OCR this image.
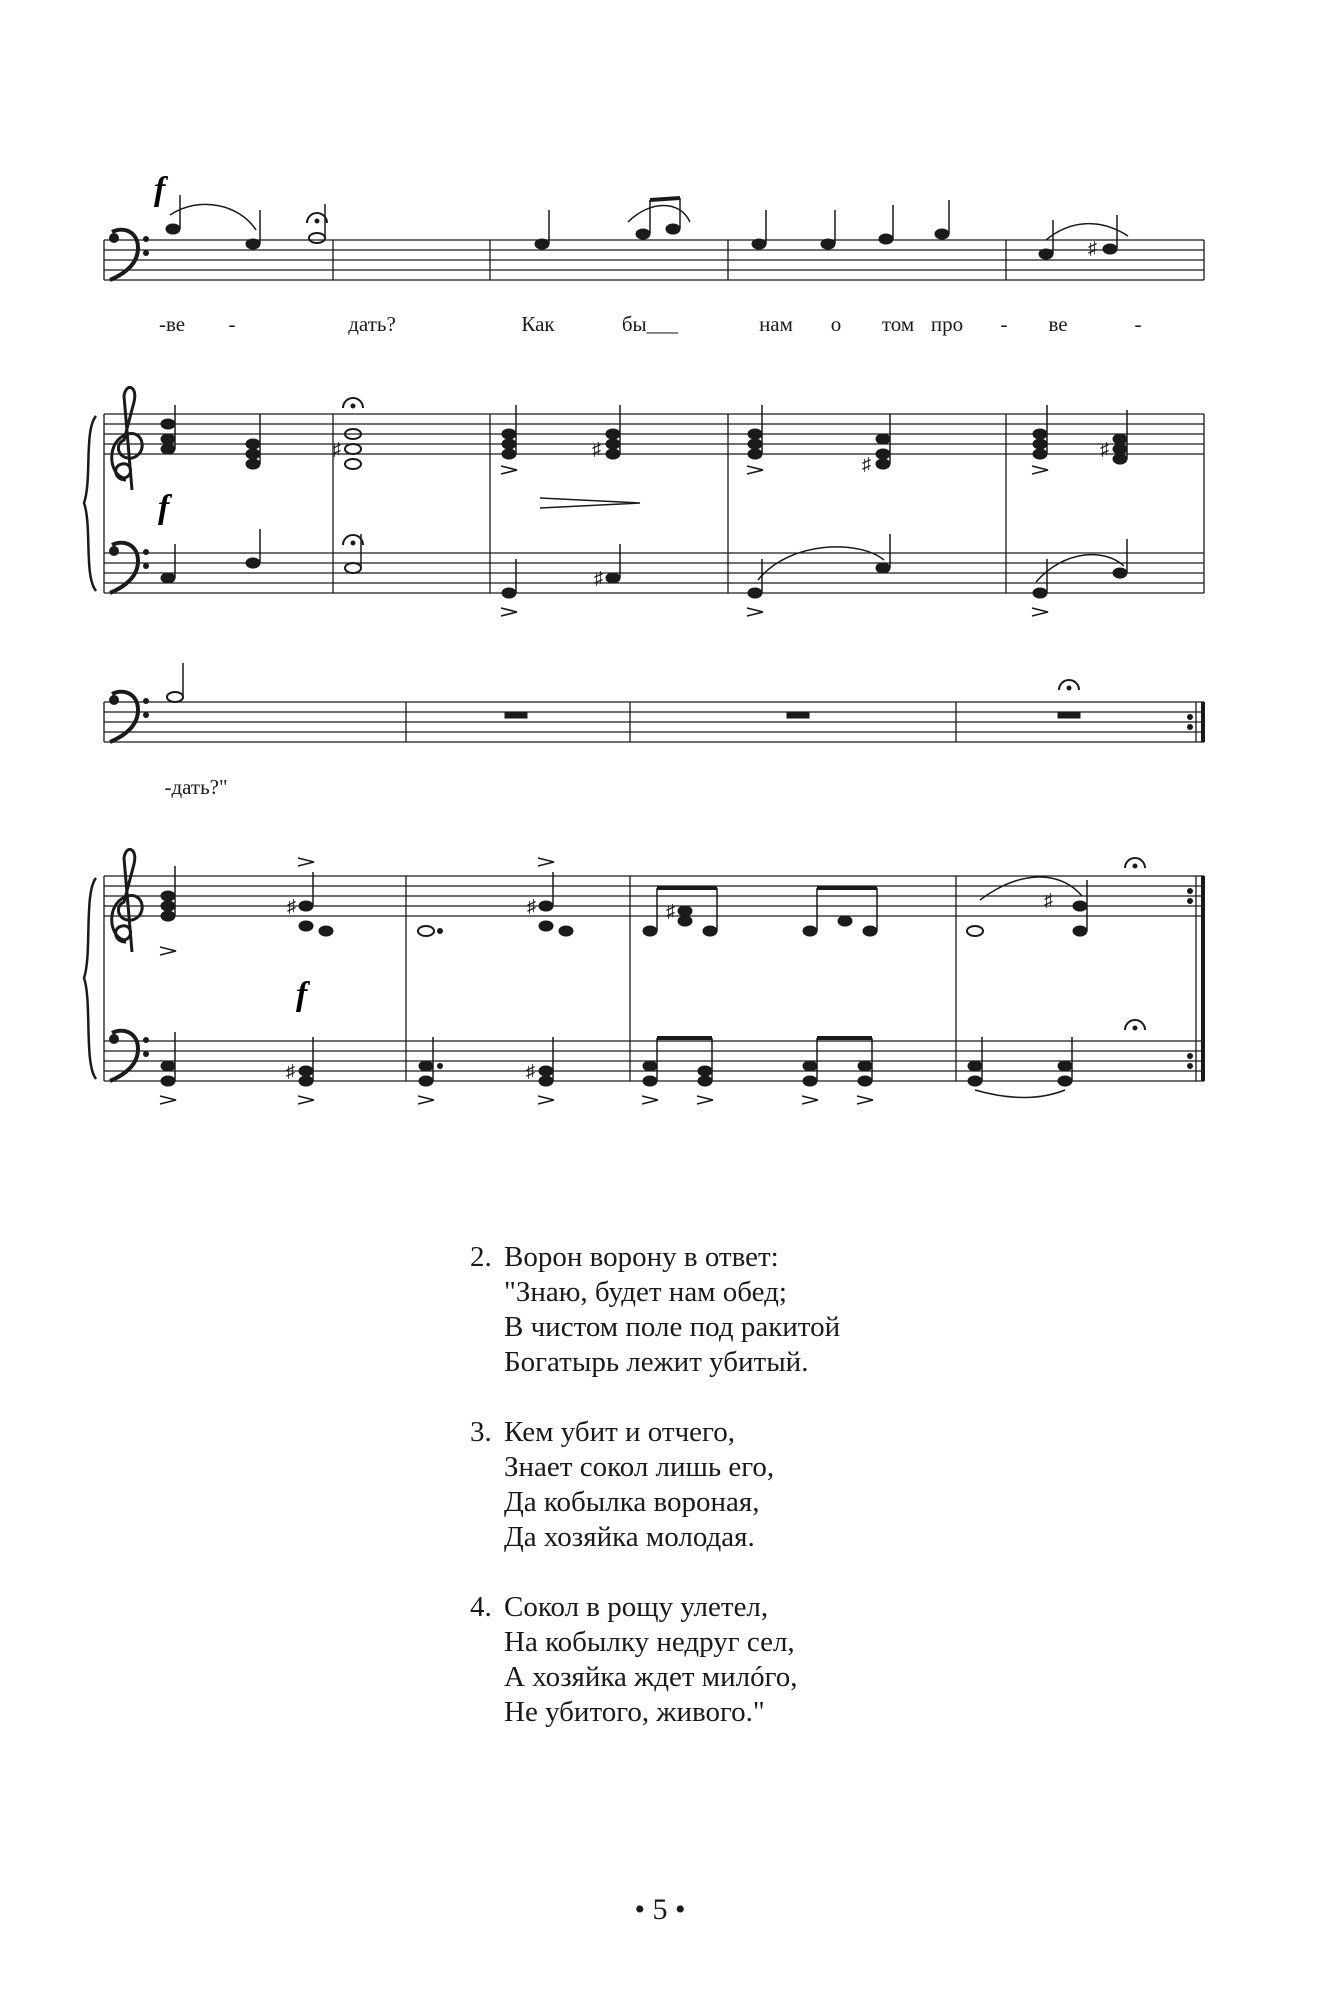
♯
f
♯	♯
♯
♯
♯
f
♯	♯	♯
♯
♯	♯
f
-ве -	дать?	Как	бы___	нам о том про - ве	-
-дать?"
2. Ворон ворону в ответ:
"Знаю, будет нам обед;
В чистом поле под ракитой
Богатырь лежит убитый.
3. Кем убит и отчего,
Знает сокол лишь его,
Да кобылка вороная,
Да хозяйка молодая.
4. Сокол в рощу улетел,
На кобылку недруг сел,
А хозяйка ждет милóго,
Не убитого, живого."
• 5 •
